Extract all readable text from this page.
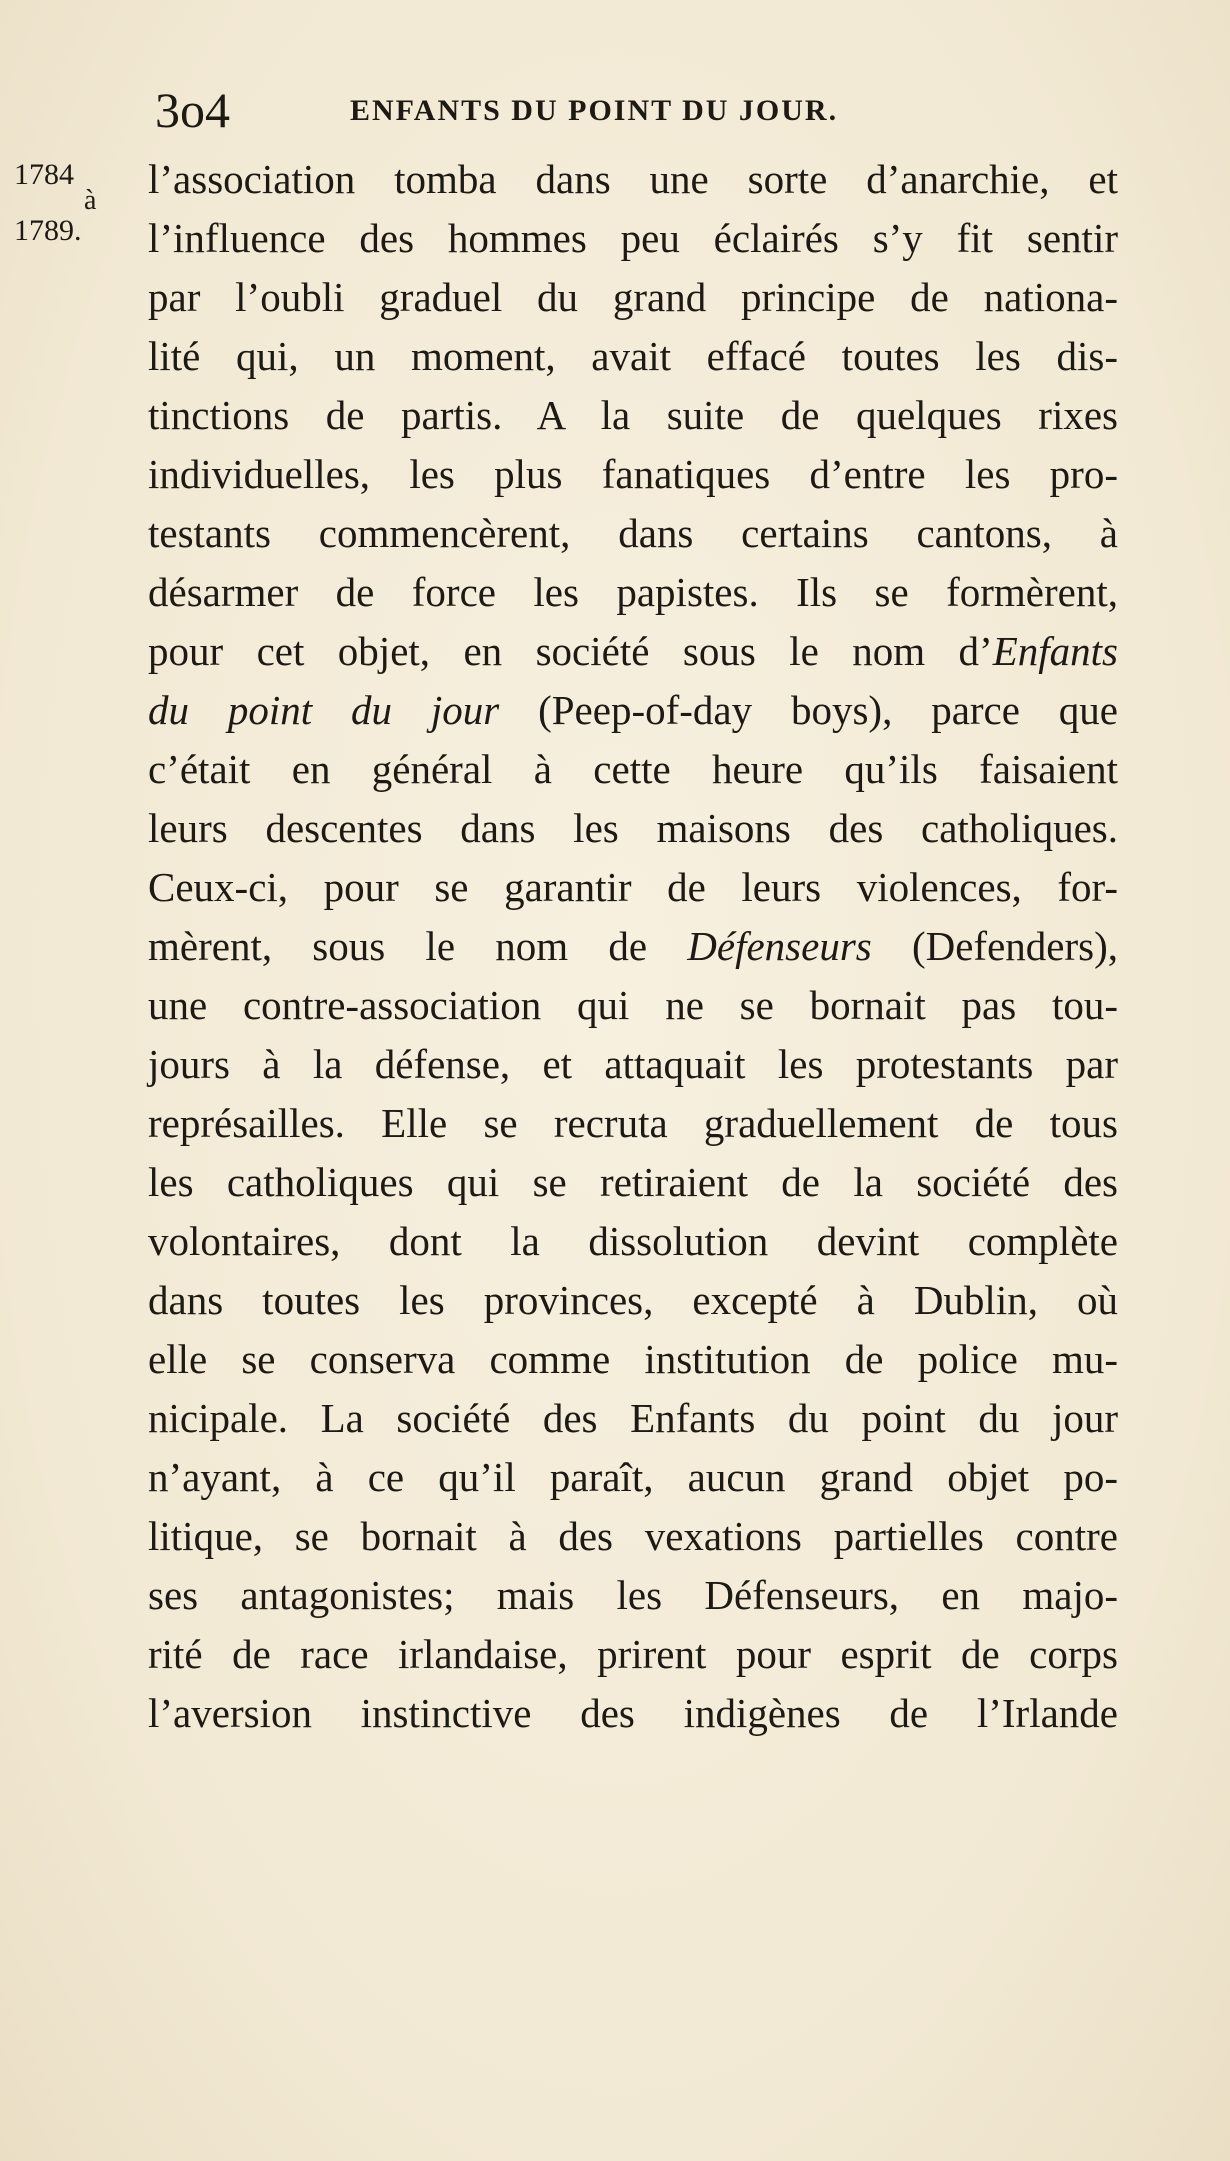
3o4	ENFANTS DU POINT DU JOUR.
1784
à
1789.
l’association tomba dans une sorte d’anarchie, et
l’influence des hommes peu éclairés s’y fit sentir
par l’oubli graduel du grand principe de nationa-
lité qui, un moment, avait effacé toutes les dis-
tinctions de partis. A la suite de quelques rixes
individuelles, les plus fanatiques d’entre les pro-
testants commencèrent, dans certains cantons, à
désarmer de force les papistes. Ils se formèrent,
pour cet objet, en société sous le nom d’Enfants
du point du jour (Peep-of-day boys), parce que
c’était en général à cette heure qu’ils faisaient
leurs descentes dans les maisons des catholiques.
Ceux-ci, pour se garantir de leurs violences, for-
mèrent, sous le nom de Défenseurs (Defenders),
une contre-association qui ne se bornait pas tou-
jours à la défense, et attaquait les protestants par
représailles. Elle se recruta graduellement de tous
les catholiques qui se retiraient de la société des
volontaires, dont la dissolution devint complète
dans toutes les provinces, excepté à Dublin, où
elle se conserva comme institution de police mu-
nicipale. La société des Enfants du point du jour
n’ayant, à ce qu’il paraît, aucun grand objet po-
litique, se bornait à des vexations partielles contre
ses antagonistes; mais les Défenseurs, en majo-
rité de race irlandaise, prirent pour esprit de corps
l’aversion instinctive des indigènes de l’Irlande
